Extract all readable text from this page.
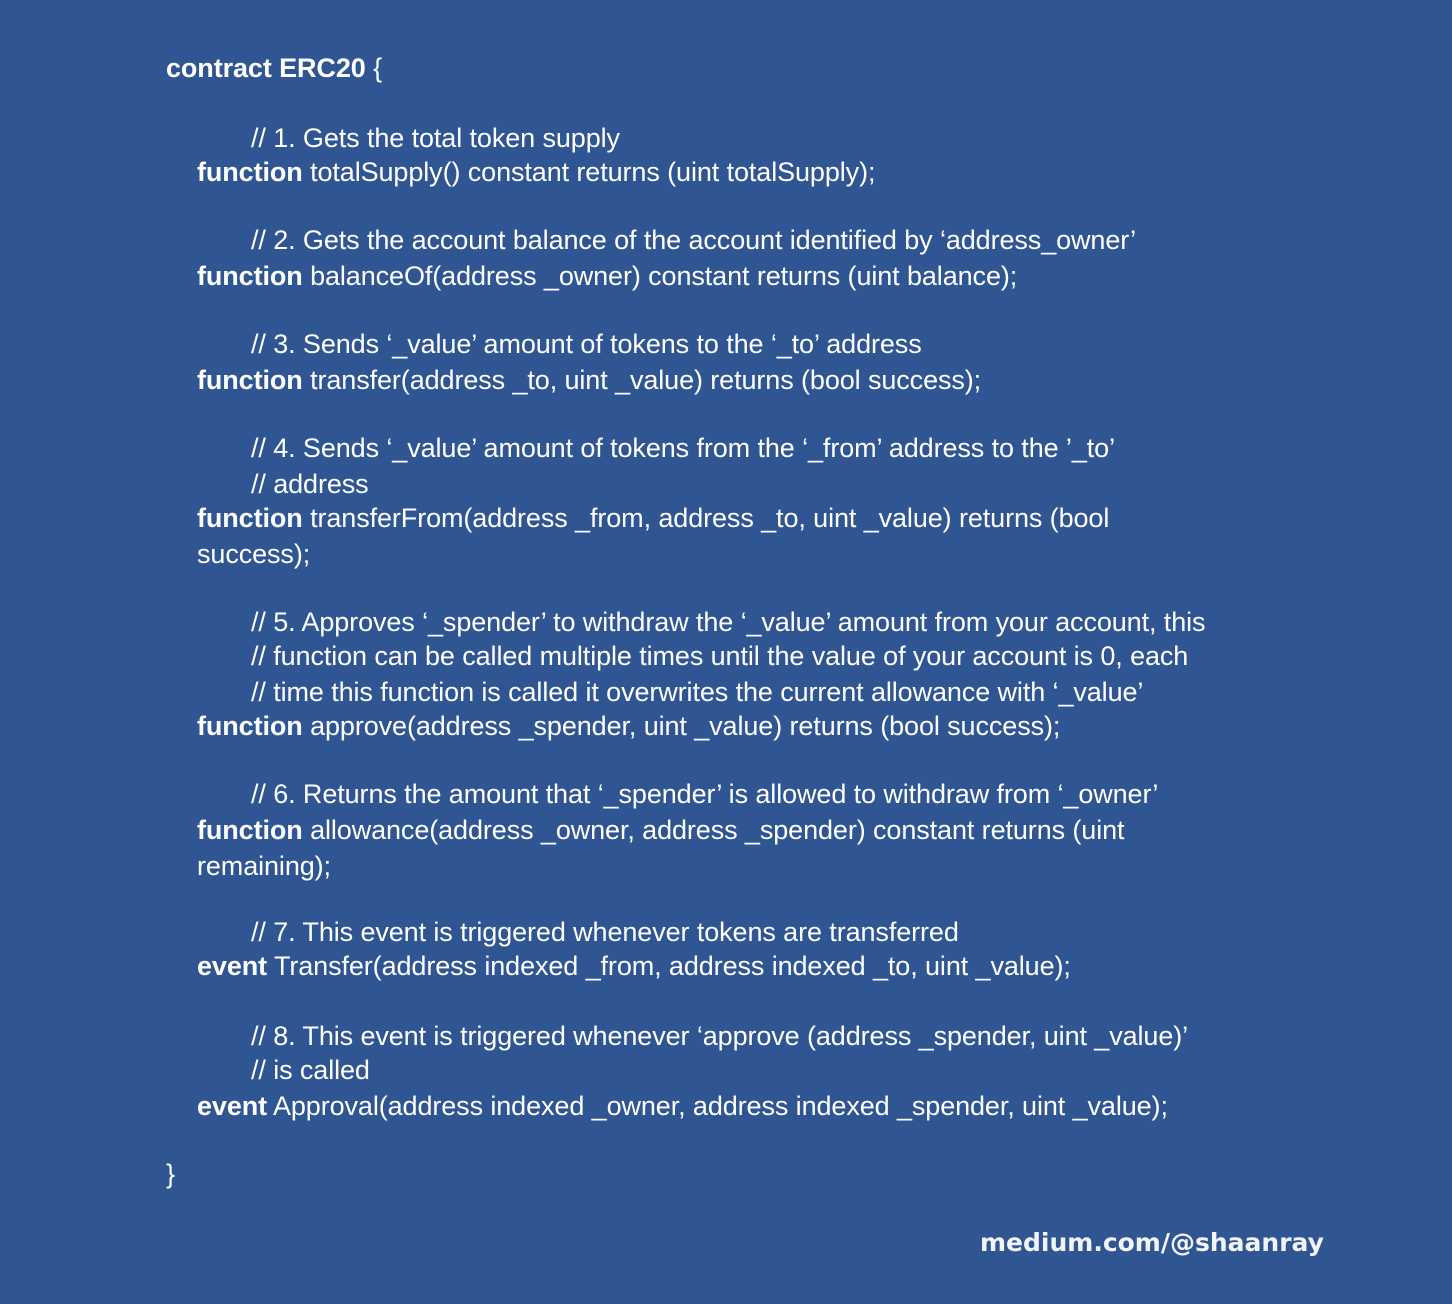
contract ERC20 {
// 1. Gets the total token supply
function totalSupply() constant returns (uint totalSupply);
// 2. Gets the account balance of the account identified by ‘address_owner’
function balanceOf(address _owner) constant returns (uint balance);
// 3. Sends ‘_value’ amount of tokens to the ‘_to’ address
function transfer(address _to, uint _value) returns (bool success);
// 4. Sends ‘_value’ amount of tokens from the ‘_from’ address to the ’_to’
// address
function transferFrom(address _from, address _to, uint _value) returns (bool
success);
// 5. Approves ‘_spender’ to withdraw the ‘_value’ amount from your account, this
// function can be called multiple times until the value of your account is 0, each
// time this function is called it overwrites the current allowance with ‘_value’
function approve(address _spender, uint _value) returns (bool success);
// 6. Returns the amount that ‘_spender’ is allowed to withdraw from ‘_owner’
function allowance(address _owner, address _spender) constant returns (uint
remaining);
// 7. This event is triggered whenever tokens are transferred
event Transfer(address indexed _from, address indexed _to, uint _value);
// 8. This event is triggered whenever ‘approve (address _spender, uint _value)’
// is called
event Approval(address indexed _owner, address indexed _spender, uint _value);
}
medium.com/@shaanray
